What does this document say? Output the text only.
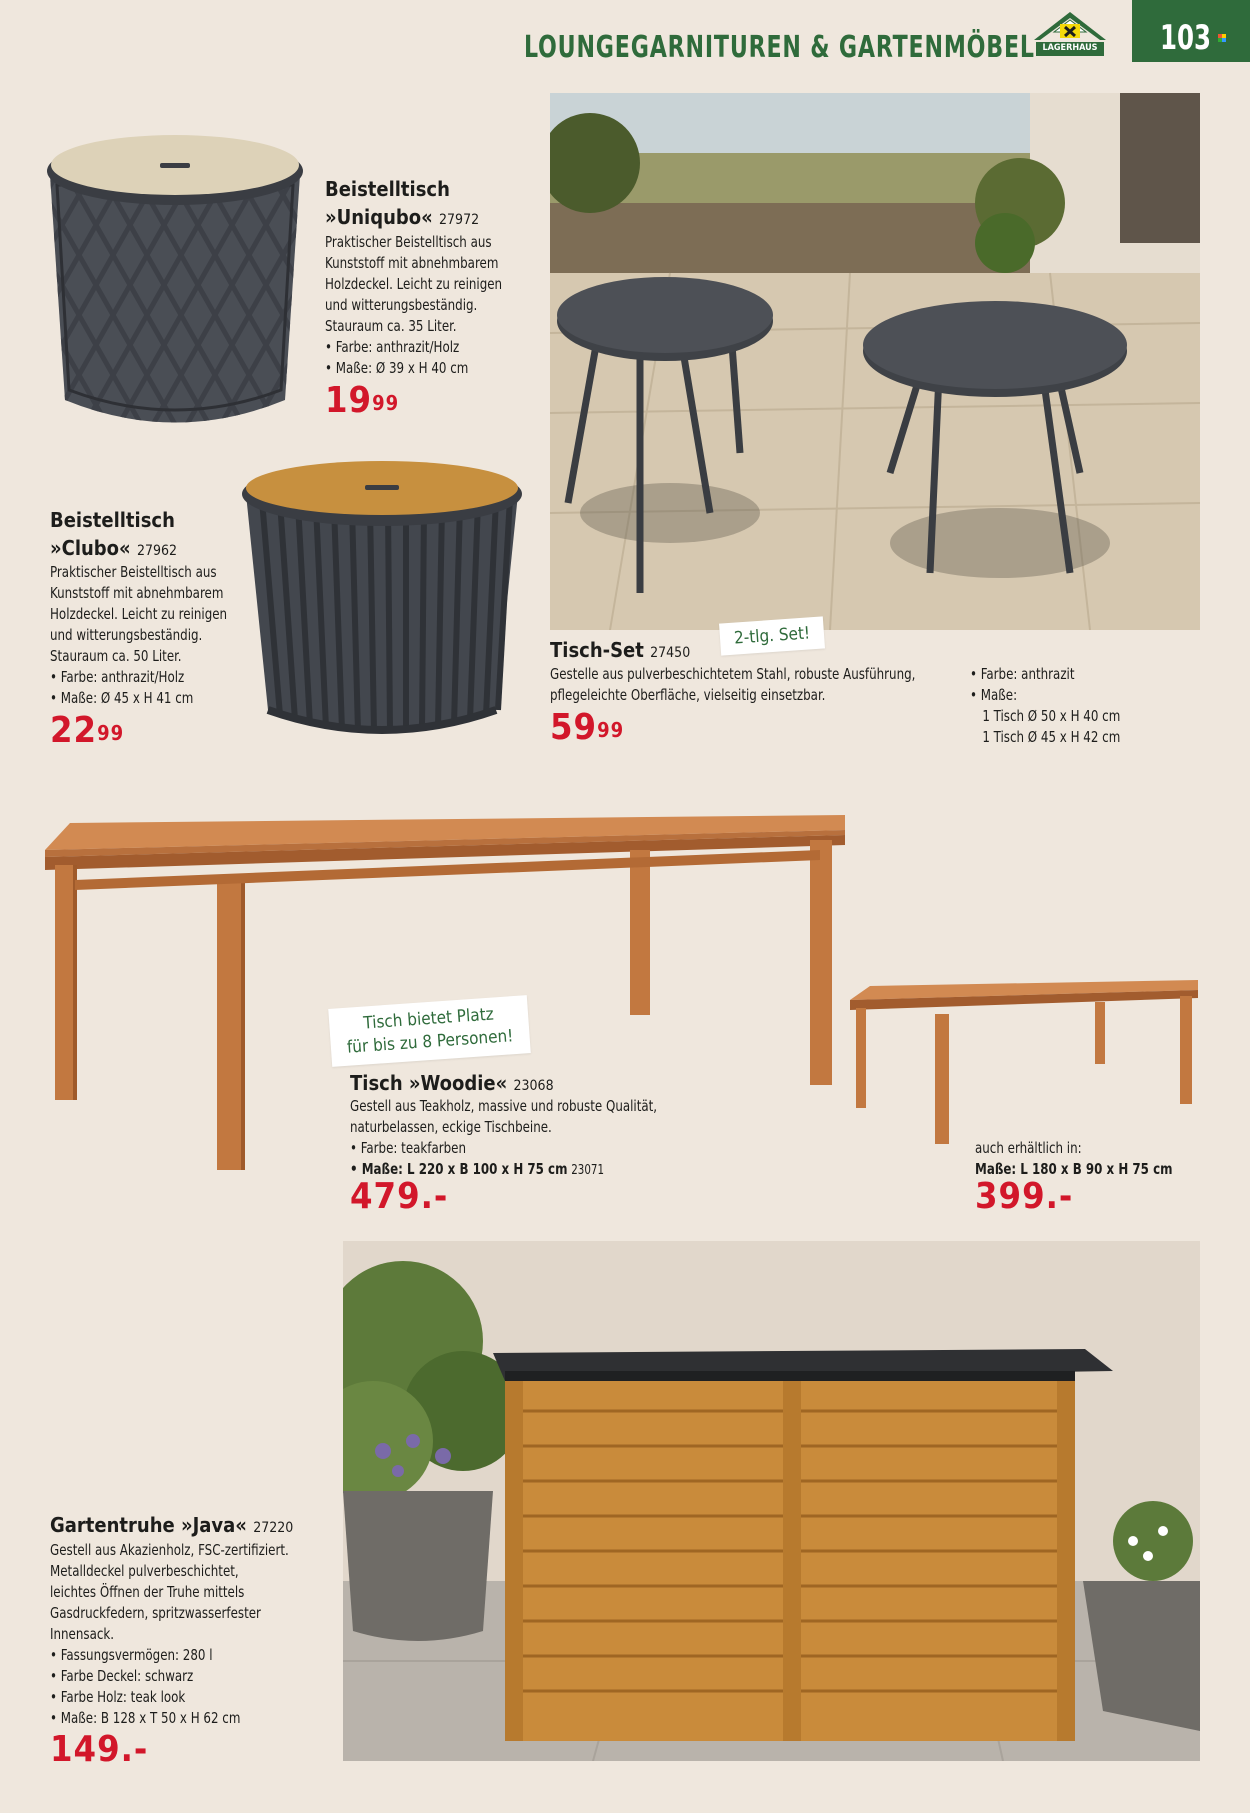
LOUNGEGARNITUREN & GARTENMÖBEL LAGERHAUS 103
Beistelltisch
»Uniqubo« 27972
Praktischer Beistelltisch aus
Kunststoff mit abnehmbarem
Holzdeckel. Leicht zu reinigen
und witterungsbeständig.
Stauraum ca. 35 Liter.
• Farbe: anthrazit/Holz
• Maße: Ø 39 x H 40 cm
$19^{99}$
Beistelltisch
»Clubo« 27962
Praktischer Beistelltisch aus
Kunststoff mit abnehmbarem
Holzdeckel. Leicht zu reinigen
und witterungsbeständig.
Stauraum ca. 50 Liter.
• Farbe: anthrazit/Holz
• Maße: Ø 45 x H 41 cm
$22^{99}$
2-tlg. Set!
Tisch-Set 27450
Gestelle aus pulverbeschichtetem Stahl, robuste Ausführung,
pflegeleichte Oberfläche, vielseitig einsetzbar.
• Farbe: anthrazit
• Maße:
1 Tisch Ø 50 x H 40 cm
1 Tisch Ø 45 x H 42 cm
$59^{99}$
Tisch bietet Platz
für bis zu 8 Personen!
Tisch »Woodie« 23068
Gestell aus Teakholz, massive und robuste Qualität,
naturbelassen, eckige Tischbeine.
• Farbe: teakfarben
• Maße: L 220 x B 100 x H 75 cm 23071
479.-
auch erhältlich in:
Maße: L 180 x B 90 x H 75 cm
399.-
Gartentruhe »Java« 27220
Gestell aus Akazienholz, FSC-zertifiziert.
Metalldeckel pulverbeschichtet,
leichtes Öffnen der Truhe mittels
Gasdruckfedern, spritzwasserfester
Innensack.
• Fassungsvermögen: 280 l
• Farbe Deckel: schwarz
• Farbe Holz: teak look
• Maße: B 128 x T 50 x H 62 cm
149.-
